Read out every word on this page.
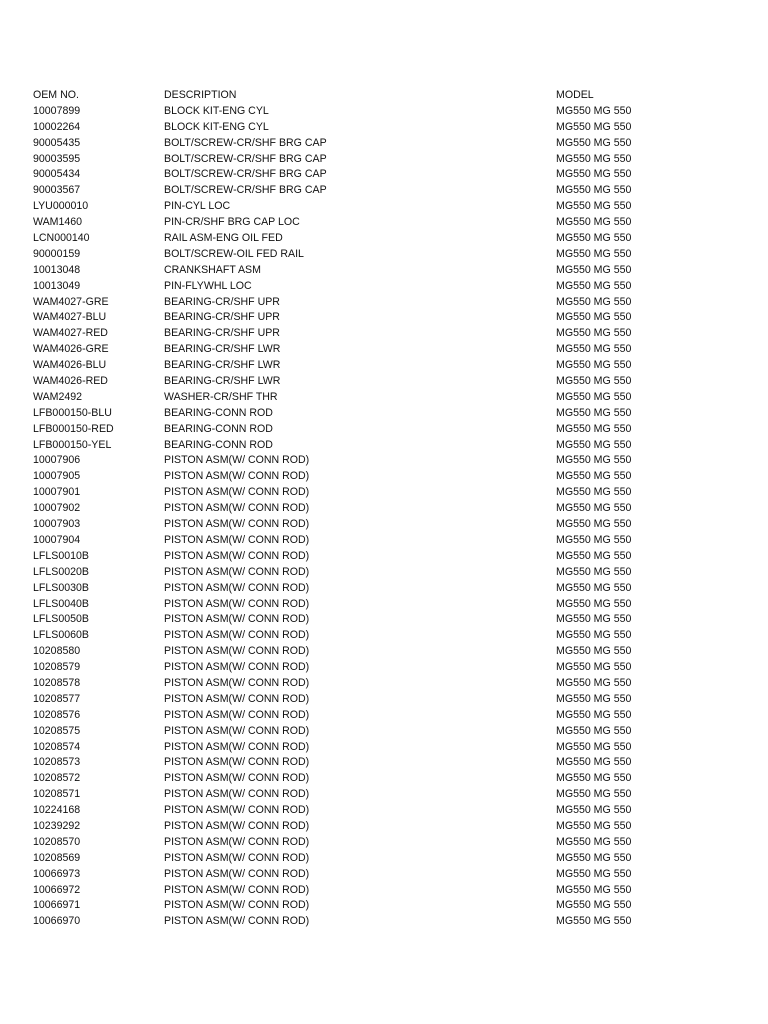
OEM NO.	DESCRIPTION	MODEL
10007899	BLOCK KIT-ENG CYL	MG550 MG 550
10002264	BLOCK KIT-ENG CYL	MG550 MG 550
90005435	BOLT/SCREW-CR/SHF BRG CAP	MG550 MG 550
90003595	BOLT/SCREW-CR/SHF BRG CAP	MG550 MG 550
90005434	BOLT/SCREW-CR/SHF BRG CAP	MG550 MG 550
90003567	BOLT/SCREW-CR/SHF BRG CAP	MG550 MG 550
LYU000010	PIN-CYL LOC	MG550 MG 550
WAM1460	PIN-CR/SHF BRG CAP LOC	MG550 MG 550
LCN000140	RAIL ASM-ENG OIL FED	MG550 MG 550
90000159	BOLT/SCREW-OIL FED RAIL	MG550 MG 550
10013048	CRANKSHAFT ASM	MG550 MG 550
10013049	PIN-FLYWHL LOC	MG550 MG 550
WAM4027-GRE	BEARING-CR/SHF UPR	MG550 MG 550
WAM4027-BLU	BEARING-CR/SHF UPR	MG550 MG 550
WAM4027-RED	BEARING-CR/SHF UPR	MG550 MG 550
WAM4026-GRE	BEARING-CR/SHF LWR	MG550 MG 550
WAM4026-BLU	BEARING-CR/SHF LWR	MG550 MG 550
WAM4026-RED	BEARING-CR/SHF LWR	MG550 MG 550
WAM2492	WASHER-CR/SHF THR	MG550 MG 550
LFB000150-BLU	BEARING-CONN ROD	MG550 MG 550
LFB000150-RED	BEARING-CONN ROD	MG550 MG 550
LFB000150-YEL	BEARING-CONN ROD	MG550 MG 550
10007906	PISTON ASM(W/ CONN ROD)	MG550 MG 550
10007905	PISTON ASM(W/ CONN ROD)	MG550 MG 550
10007901	PISTON ASM(W/ CONN ROD)	MG550 MG 550
10007902	PISTON ASM(W/ CONN ROD)	MG550 MG 550
10007903	PISTON ASM(W/ CONN ROD)	MG550 MG 550
10007904	PISTON ASM(W/ CONN ROD)	MG550 MG 550
LFLS0010B	PISTON ASM(W/ CONN ROD)	MG550 MG 550
LFLS0020B	PISTON ASM(W/ CONN ROD)	MG550 MG 550
LFLS0030B	PISTON ASM(W/ CONN ROD)	MG550 MG 550
LFLS0040B	PISTON ASM(W/ CONN ROD)	MG550 MG 550
LFLS0050B	PISTON ASM(W/ CONN ROD)	MG550 MG 550
LFLS0060B	PISTON ASM(W/ CONN ROD)	MG550 MG 550
10208580	PISTON ASM(W/ CONN ROD)	MG550 MG 550
10208579	PISTON ASM(W/ CONN ROD)	MG550 MG 550
10208578	PISTON ASM(W/ CONN ROD)	MG550 MG 550
10208577	PISTON ASM(W/ CONN ROD)	MG550 MG 550
10208576	PISTON ASM(W/ CONN ROD)	MG550 MG 550
10208575	PISTON ASM(W/ CONN ROD)	MG550 MG 550
10208574	PISTON ASM(W/ CONN ROD)	MG550 MG 550
10208573	PISTON ASM(W/ CONN ROD)	MG550 MG 550
10208572	PISTON ASM(W/ CONN ROD)	MG550 MG 550
10208571	PISTON ASM(W/ CONN ROD)	MG550 MG 550
10224168	PISTON ASM(W/ CONN ROD)	MG550 MG 550
10239292	PISTON ASM(W/ CONN ROD)	MG550 MG 550
10208570	PISTON ASM(W/ CONN ROD)	MG550 MG 550
10208569	PISTON ASM(W/ CONN ROD)	MG550 MG 550
10066973	PISTON ASM(W/ CONN ROD)	MG550 MG 550
10066972	PISTON ASM(W/ CONN ROD)	MG550 MG 550
10066971	PISTON ASM(W/ CONN ROD)	MG550 MG 550
10066970	PISTON ASM(W/ CONN ROD)	MG550 MG 550
